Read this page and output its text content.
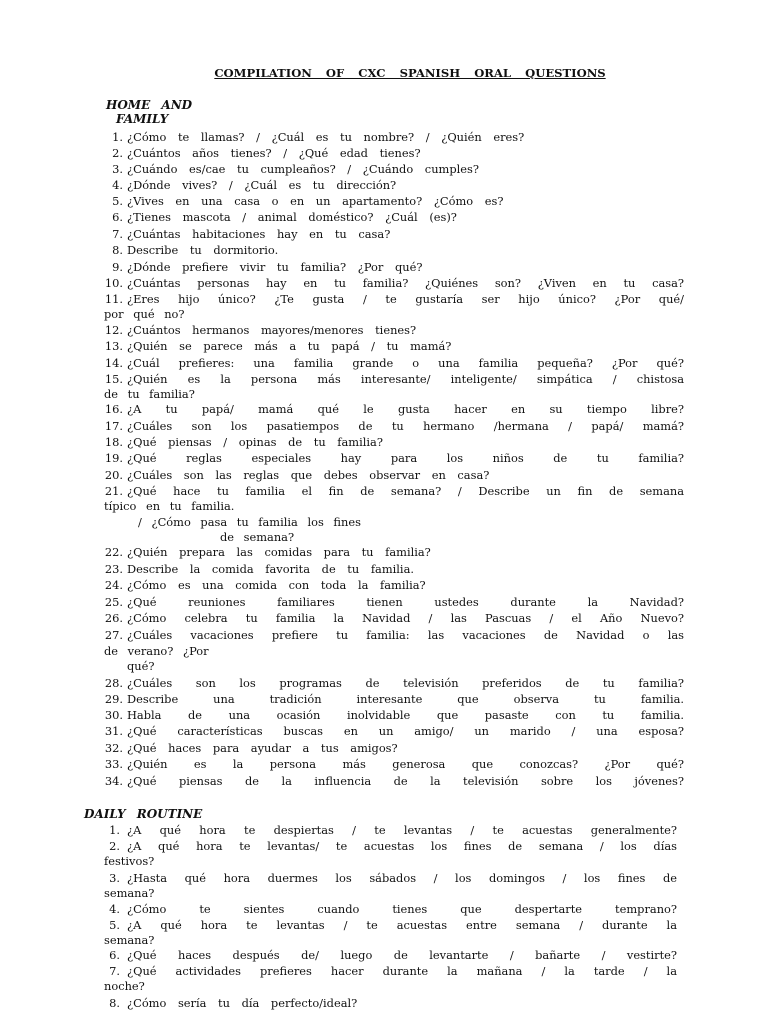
COMPILATION OF CXC SPANISH ORAL QUESTIONS
HOME AND
FAMILY
1. ¿Cómo te llamas? / ¿Cuál es tu nombre? / ¿Quién eres?
2. ¿Cuántos años tienes? / ¿Qué edad tienes?
3. ¿Cuándo es/cae tu cumpleaños? / ¿Cuándo cumples?
4. ¿Dónde vives? / ¿Cuál es tu dirección?
5. ¿Vives en una casa o en un apartamento? ¿Cómo es?
6. ¿Tienes mascota / animal doméstico? ¿Cuál (es)?
7. ¿Cuántas habitaciones hay en tu casa?
8. Describe tu dormitorio.
9. ¿Dónde prefiere vivir tu familia? ¿Por qué?
10. ¿Cuántas personas hay en tu familia? ¿Quiénes son? ¿Viven en tu casa?
11. ¿Eres hijo único? ¿Te gusta / te gustaría ser hijo único? ¿Por qué/
por qué no?
12. ¿Cuántos hermanos mayores/menores tienes?
13. ¿Quién se parece más a tu papá / tu mamá?
14. ¿Cuál prefieres: una familia grande o una familia pequeña? ¿Por qué?
15. ¿Quién es la persona más interesante/ inteligente/ simpática / chistosa
de tu familia?
16. ¿A tu papá/ mamá qué le gusta hacer en su tiempo libre?
17. ¿Cuáles son los pasatiempos de tu hermano /hermana / papá/ mamá?
18. ¿Qué piensas / opinas de tu familia?
19. ¿Qué reglas especiales hay para los niños de tu familia?
20. ¿Cuáles son las reglas que debes observar en casa?
21. ¿Qué hace tu familia el fin de semana? / Describe un fin de semana
típico en tu familia.
/ ¿Cómo pasa tu familia los fines
de semana?
22. ¿Quién prepara las comidas para tu familia?
23. Describe la comida favorita de tu familia.
24. ¿Cómo es una comida con toda la familia?
25. ¿Qué reuniones familiares tienen ustedes durante la Navidad?
26. ¿Cómo celebra tu familia la Navidad / las Pascuas / el Año Nuevo?
27. ¿Cuáles vacaciones prefiere tu familia: las vacaciones de Navidad o las
de verano? ¿Por
qué?
28. ¿Cuáles son los programas de televisión preferidos de tu familia?
29. Describe una tradición interesante que observa tu familia.
30. Habla de una ocasión inolvidable que pasaste con tu familia.
31. ¿Qué características buscas en un amigo/ un marido / una esposa?
32. ¿Qué haces para ayudar a tus amigos?
33. ¿Quién es la persona más generosa que conozcas? ¿Por qué?
34. ¿Qué piensas de la influencia de la televisión sobre los jóvenes?
DAILY ROUTINE
1. ¿A qué hora te despiertas / te levantas / te acuestas generalmente?
2. ¿A qué hora te levantas/ te acuestas los fines de semana / los días
festivos?
3. ¿Hasta qué hora duermes los sábados / los domingos / los fines de
semana?
4. ¿Cómo te sientes cuando tienes que despertarte temprano?
5. ¿A qué hora te levantas / te acuestas entre semana / durante la
semana?
6. ¿Qué haces después de/ luego de levantarte / bañarte / vestirte?
7. ¿Qué actividades prefieres hacer durante la mañana / la tarde / la
noche?
8. ¿Cómo sería tu día perfecto/ideal?
